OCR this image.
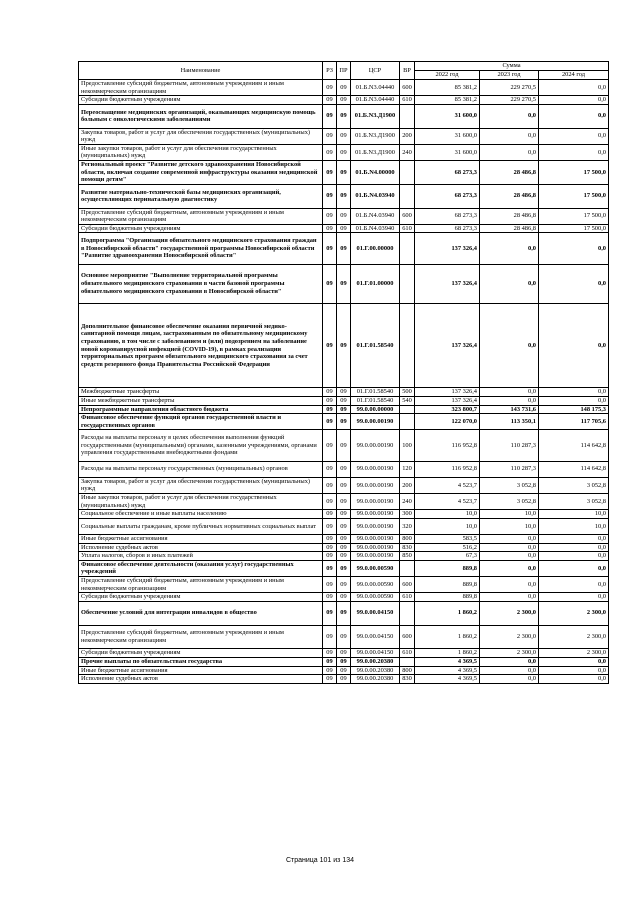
Наименование	РЗ	ПР	ЦСР	ВР	Сумма		
					2022 год	2023 год	2024 год
Предоставление субсидий бюджетным, автономным учреждениям и иным некоммерческим организациям	09	09	01.Б.N3.04440	600	85 381,2	229 270,5	0,0
Субсидии бюджетным учреждениям	09	09	01.Б.N3.04440	610	85 381,2	229 270,5	0,0
Переоснащение медицинских организаций, оказывающих медицинскую помощь больным с онкологическими заболеваниями	09	09	01.Б.N3.Д1900		31 600,0	0,0	0,0
Закупка товаров, работ и услуг для обеспечения государственных (муниципальных) нужд	09	09	01.Б.N3.Д1900	200	31 600,0	0,0	0,0
Иные закупки товаров, работ и услуг для обеспечения государственных (муниципальных) нужд	09	09	01.Б.N3.Д1900	240	31 600,0	0,0	0,0
Региональный проект "Развитие детского здравоохранения Новосибирской области, включая создание современной инфраструктуры оказания медицинской помощи детям"	09	09	01.Б.N4.00000		68 273,3	28 486,8	17 500,0
Развитие материально-технической базы медицинских организаций, осуществляющих перинатальную диагностику	09	09	01.Б.N4.03940		68 273,3	28 486,8	17 500,0
Предоставление субсидий бюджетным, автономным учреждениям и иным некоммерческим организациям	09	09	01.Б.N4.03940	600	68 273,3	28 486,8	17 500,0
Субсидии бюджетным учреждениям	09	09	01.Б.N4.03940	610	68 273,3	28 486,8	17 500,0
Подпрограмма "Организация обязательного медицинского страхования граждан в Новосибирской области" государственной программы Новосибирской области "Развитие здравоохранения Новосибирской области"	09	09	01.Г.00.00000		137 326,4	0,0	0,0
Основное мероприятие "Выполнение территориальной программы обязательного медицинского страхования в части базовой программы обязательного медицинского страхования в Новосибирской области"	09	09	01.Г.01.00000		137 326,4	0,0	0,0
Дополнительное финансовое обеспечение оказания первичной медико-санитарной помощи лицам, застрахованным по обязательному медицинскому страхованию, в том числе с заболеванием и (или) подозрением на заболевание новой коронавирусной инфекцией (COVID-19), в рамках реализации территориальных программ обязательного медицинского страхования за счет средств резервного фонда Правительства Российской Федерации	09	09	01.Г.01.58540		137 326,4	0,0	0,0
Межбюджетные трансферты	09	09	01.Г.01.58540	500	137 326,4	0,0	0,0
Иные межбюджетные трансферты	09	09	01.Г.01.58540	540	137 326,4	0,0	0,0
Непрограммные направления областного бюджета	09	09	99.0.00.00000		323 800,7	143 731,6	148 175,3
Финансовое обеспечение функций органов государственной власти и государственных органов	09	09	99.0.00.00190		122 070,0	113 350,1	117 705,6
Расходы на выплаты персоналу в целях обеспечения выполнения функций государственными (муниципальными) органами, казенными учреждениями, органами управления государственными внебюджетными фондами	09	09	99.0.00.00190	100	116 952,8	110 287,3	114 642,8
Расходы на выплаты персоналу государственных (муниципальных) органов	09	09	99.0.00.00190	120	116 952,8	110 287,3	114 642,8
Закупка товаров, работ и услуг для обеспечения государственных (муниципальных) нужд	09	09	99.0.00.00190	200	4 523,7	3 052,8	3 052,8
Иные закупки товаров, работ и услуг для обеспечения государственных (муниципальных) нужд	09	09	99.0.00.00190	240	4 523,7	3 052,8	3 052,8
Социальное обеспечение и иные выплаты населению	09	09	99.0.00.00190	300	10,0	10,0	10,0
Социальные выплаты гражданам, кроме публичных нормативных социальных выплат	09	09	99.0.00.00190	320	10,0	10,0	10,0
Иные бюджетные ассигнования	09	09	99.0.00.00190	800	583,5	0,0	0,0
Исполнение судебных актов	09	09	99.0.00.00190	830	516,2	0,0	0,0
Уплата налогов, сборов и иных платежей	09	09	99.0.00.00190	850	67,3	0,0	0,0
Финансовое обеспечение деятельности (оказания услуг) государственных учреждений	09	09	99.0.00.00590		889,8	0,0	0,0
Предоставление субсидий бюджетным, автономным учреждениям и иным некоммерческим организациям	09	09	99.0.00.00590	600	889,8	0,0	0,0
Субсидии бюджетным учреждениям	09	09	99.0.00.00590	610	889,8	0,0	0,0
Обеспечение условий для интеграции инвалидов в общество	09	09	99.0.00.04150		1 860,2	2 300,0	2 300,0
Предоставление субсидий бюджетным, автономным учреждениям и иным некоммерческим организациям	09	09	99.0.00.04150	600	1 860,2	2 300,0	2 300,0
Субсидии бюджетным учреждениям	09	09	99.0.00.04150	610	1 860,2	2 300,0	2 300,0
Прочие выплаты по обязательствам государства	09	09	99.0.00.20380		4 369,5	0,0	0,0
Иные бюджетные ассигнования	09	09	99.0.00.20380	800	4 369,5	0,0	0,0
Исполнение судебных актов	09	09	99.0.00.20380	830	4 369,5	0,0	0,0
Страница 101 из 134
